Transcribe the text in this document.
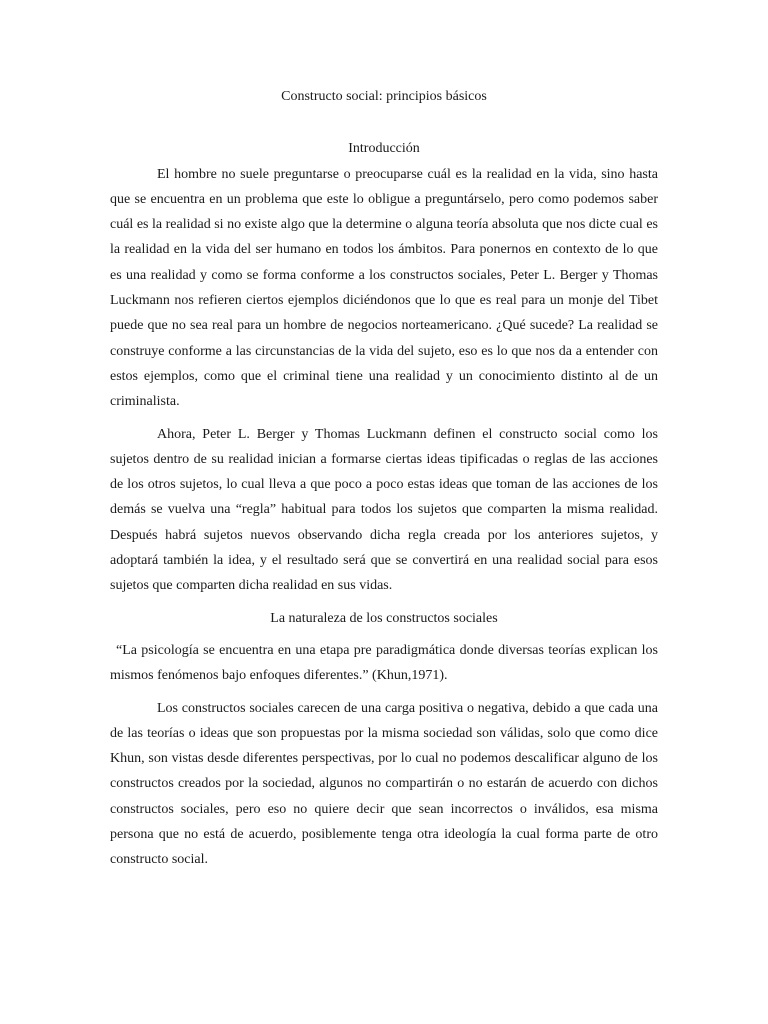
Constructo social: principios básicos
Introducción

El hombre no suele preguntarse o preocuparse cuál es la realidad en la vida, sino hasta que se encuentra en un problema que este lo obligue a preguntárselo, pero como podemos saber cuál es la realidad si no existe algo que la determine o alguna teoría absoluta que nos dicte cual es la realidad en la vida del ser humano en todos los ámbitos. Para ponernos en contexto de lo que es una realidad y como se forma conforme a los constructos sociales, Peter L. Berger y Thomas Luckmann nos refieren ciertos ejemplos diciéndonos que lo que es real para un monje del Tibet puede que no sea real para un hombre de negocios norteamericano. ¿Qué sucede? La realidad se construye conforme a las circunstancias de la vida del sujeto, eso es lo que nos da a entender con estos ejemplos, como que el criminal tiene una realidad y un conocimiento distinto al de un criminalista.

Ahora, Peter L. Berger y Thomas Luckmann definen el constructo social como los sujetos dentro de su realidad inician a formarse ciertas ideas tipificadas o reglas de las acciones de los otros sujetos, lo cual lleva a que poco a poco estas ideas que toman de las acciones de los demás se vuelva una “regla” habitual para todos los sujetos que comparten la misma realidad. Después habrá sujetos nuevos observando dicha regla creada por los anteriores sujetos, y adoptará también la idea, y el resultado será que se convertirá en una realidad social para esos sujetos que comparten dicha realidad en sus vidas.

La naturaleza de los constructos sociales

“La psicología se encuentra en una etapa pre paradigmática donde diversas teorías explican los mismos fenómenos bajo enfoques diferentes.” (Khun,1971).

Los constructos sociales carecen de una carga positiva o negativa, debido a que cada una de las teorías o ideas que son propuestas por la misma sociedad son válidas, solo que como dice Khun, son vistas desde diferentes perspectivas, por lo cual no podemos descalificar alguno de los constructos creados por la sociedad, algunos no compartirán o no estarán de acuerdo con dichos constructos sociales, pero eso no quiere decir que sean incorrectos o inválidos, esa misma persona que no está de acuerdo, posiblemente tenga otra ideología la cual forma parte de otro constructo social.
